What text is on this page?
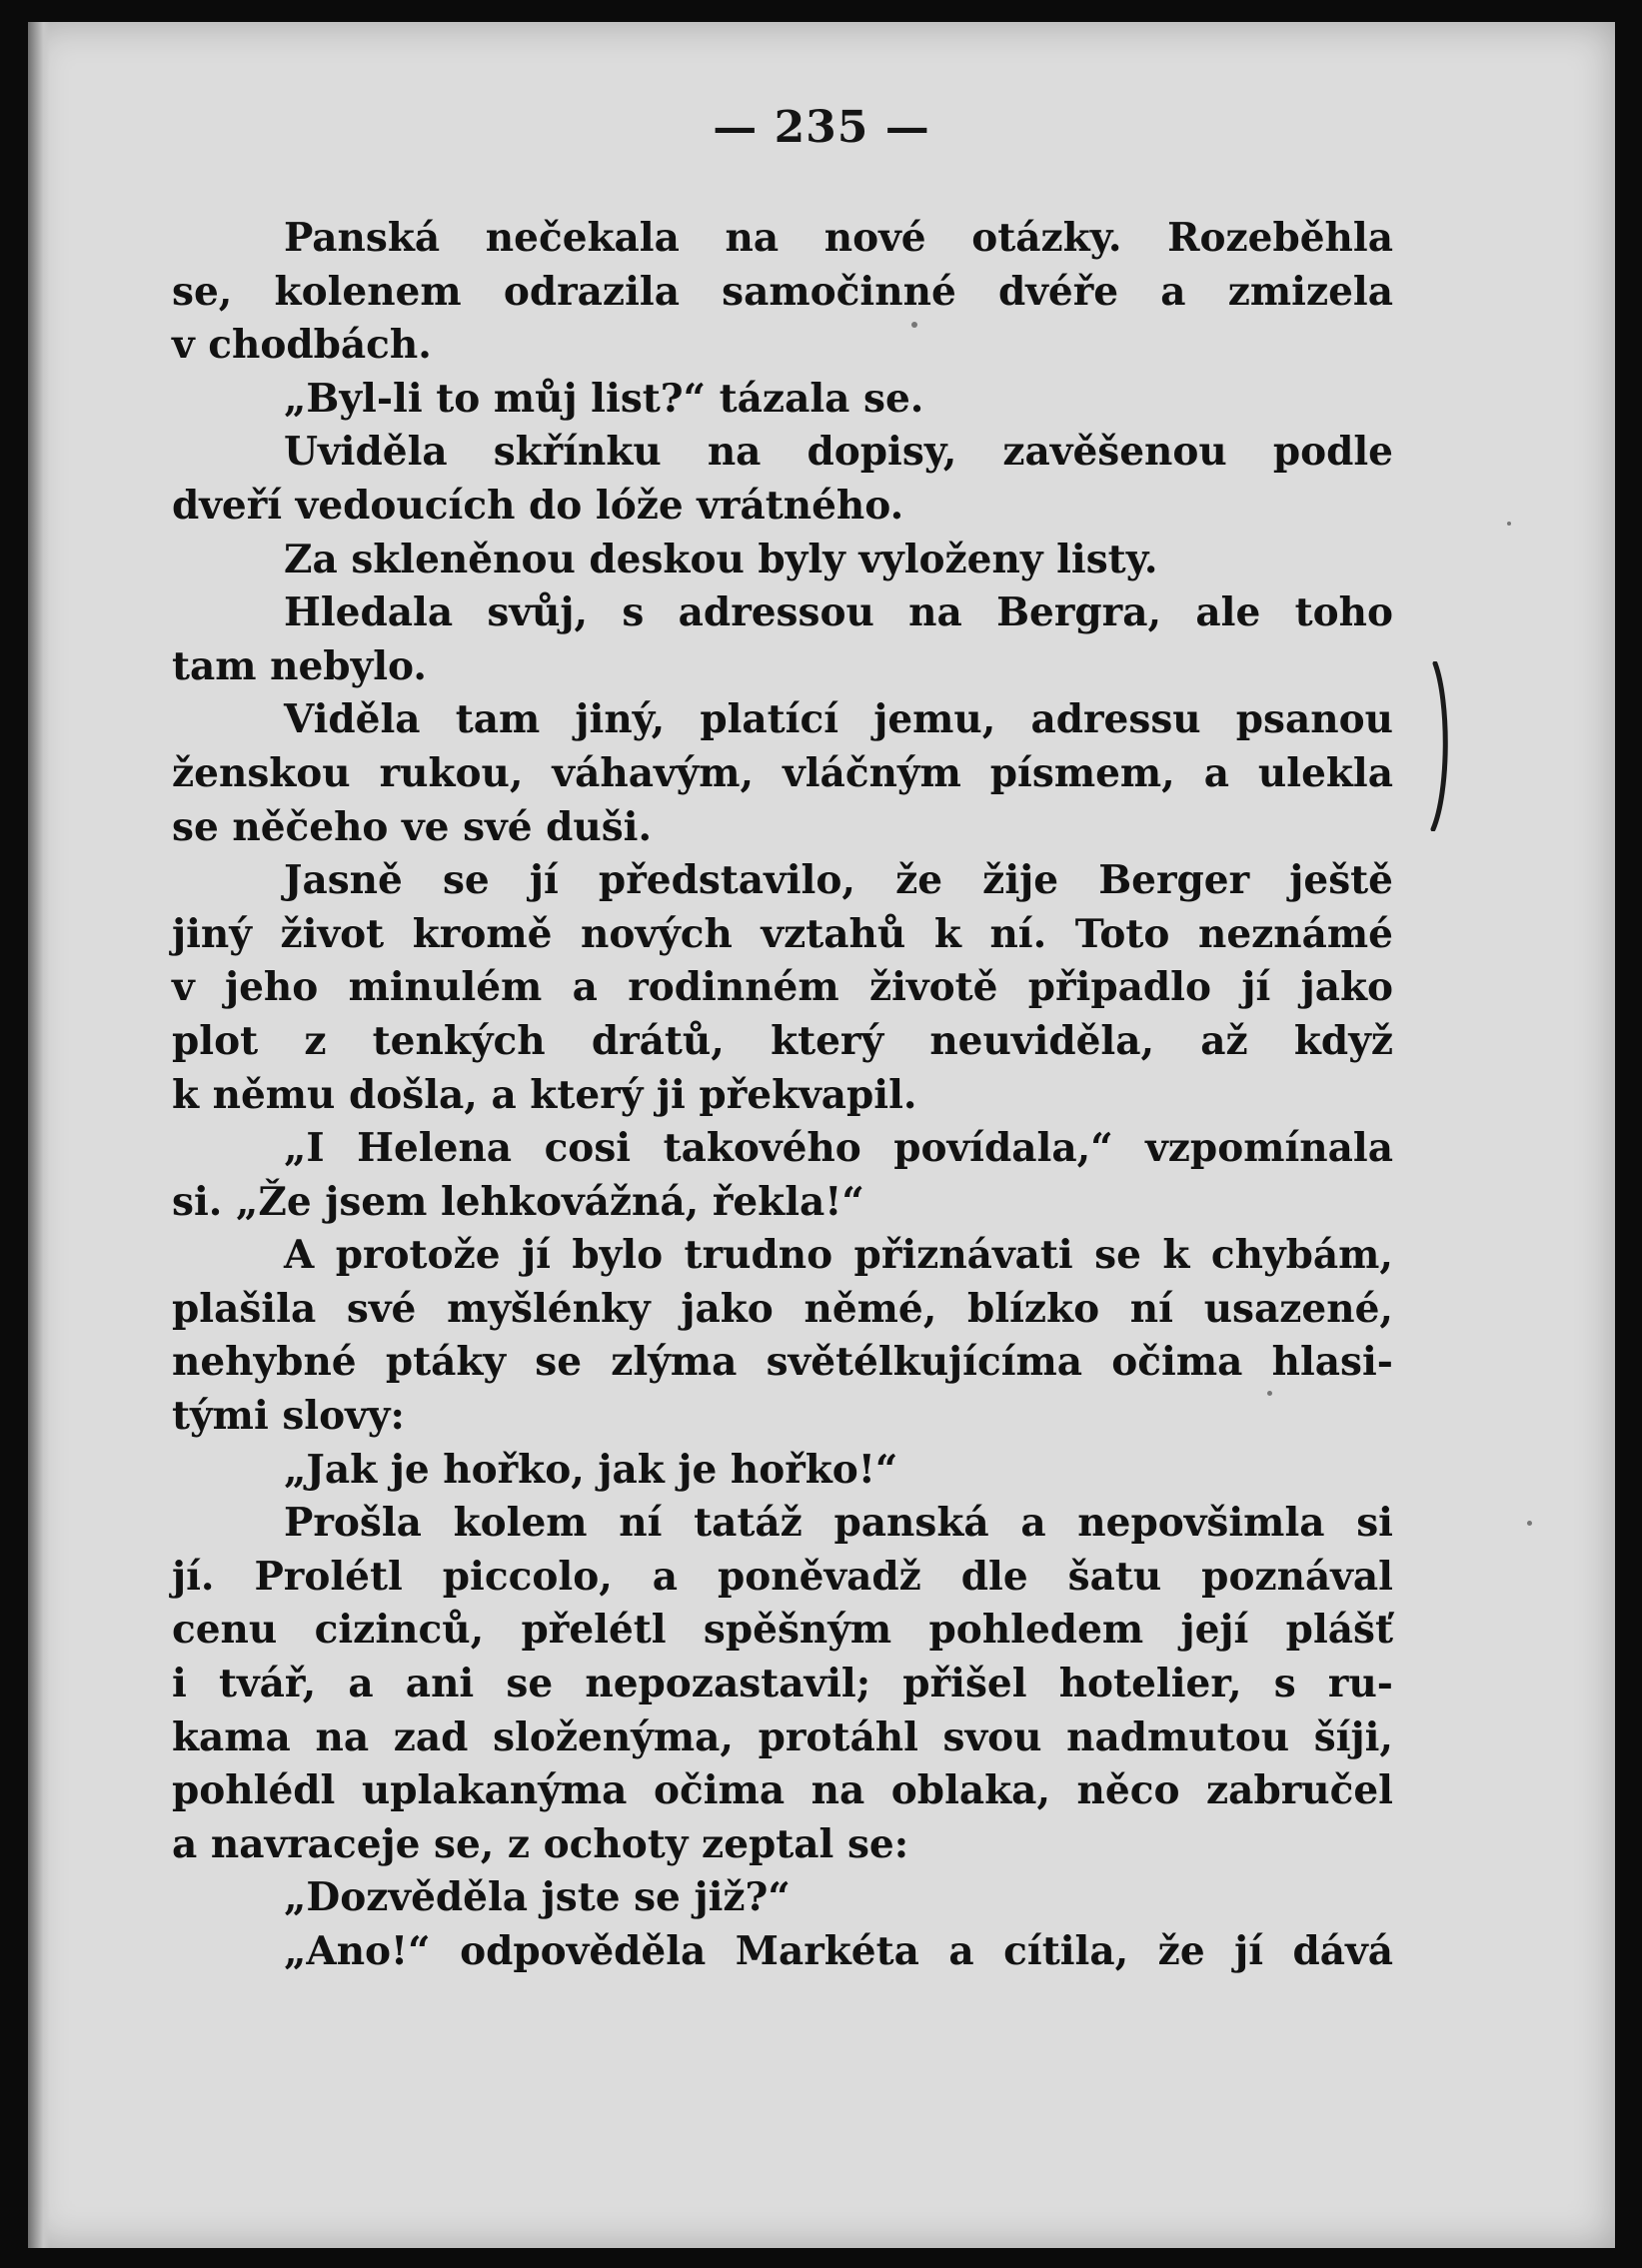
— 235 —
Panská nečekala na nové otázky. Rozeběhla
se, kolenem odrazila samočinné dvéře a zmizela
v chodbách.
„Byl-li to můj list?“ tázala se.
Uviděla skřínku na dopisy, zavěšenou podle
dveří vedoucích do lóže vrátného.
Za skleněnou deskou byly vyloženy listy.
Hledala svůj, s adressou na Bergra, ale toho
tam nebylo.
Viděla tam jiný, platící jemu, adressu psanou
ženskou rukou, váhavým, vláčným písmem, a ulekla
se něčeho ve své duši.
Jasně se jí představilo, že žije Berger ještě
jiný život kromě nových vztahů k ní. Toto neznámé
v jeho minulém a rodinném životě připadlo jí jako
plot z tenkých drátů, který neuviděla, až když
k němu došla, a který ji překvapil.
„I Helena cosi takového povídala,“ vzpomínala
si. „Že jsem lehkovážná, řekla!“
A protože jí bylo trudno přiznávati se k chybám,
plašila své myšlénky jako němé, blízko ní usazené,
nehybné ptáky se zlýma světélkujícíma očima hlasi-
tými slovy:
„Jak je hořko, jak je hořko!“
Prošla kolem ní tatáž panská a nepovšimla si
jí. Prolétl piccolo, a poněvadž dle šatu poznával
cenu cizinců, přelétl spěšným pohledem její plášť
i tvář, a ani se nepozastavil; přišel hotelier, s ru-
kama na zad složenýma, protáhl svou nadmutou šíji,
pohlédl uplakanýma očima na oblaka, něco zabručel
a navraceje se, z ochoty zeptal se:
„Dozvěděla jste se již?“
„Ano!“ odpověděla Markéta a cítila, že jí dává
